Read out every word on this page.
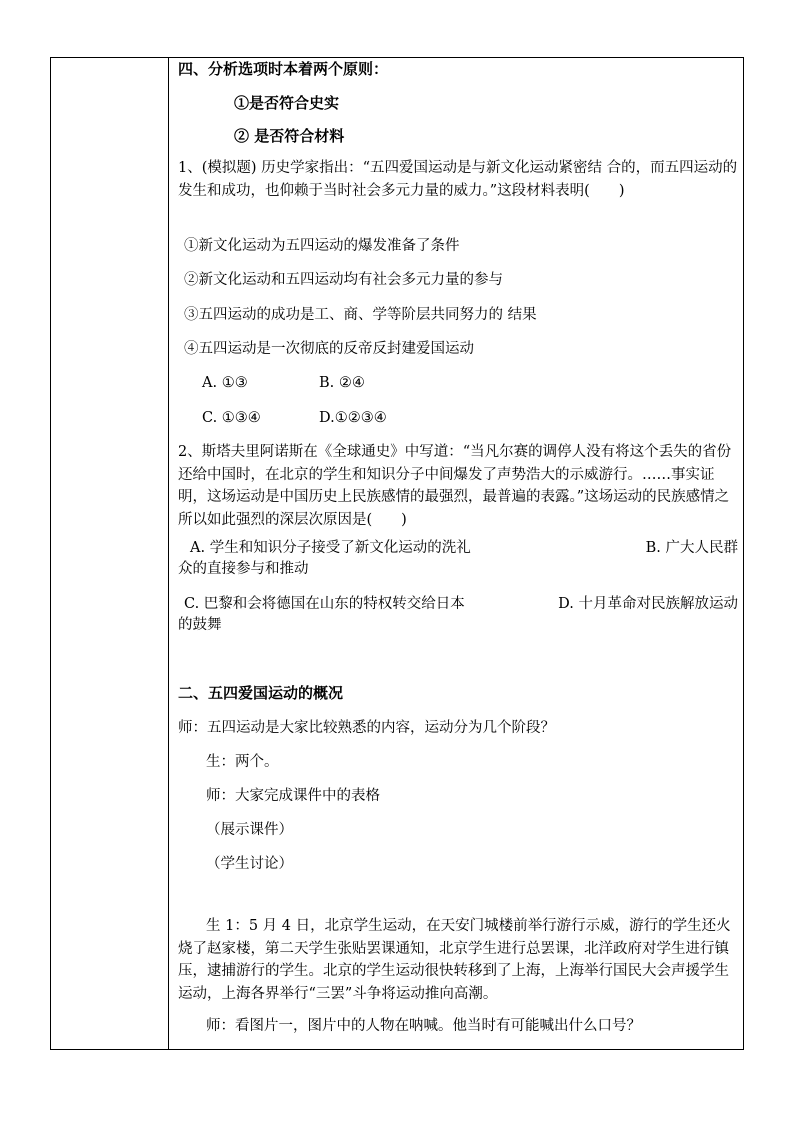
四、分析选项时本着两个原则：
①是否符合史实
② 是否符合材料
1、(模拟题) 历史学家指出：“五四爱国运动是与新文化运动紧密结 合的，而五四运动的发生和成功，也仰赖于当时社会多元力量的威力。”这段材料表明(　　)
①新文化运动为五四运动的爆发准备了条件
②新文化运动和五四运动均有社会多元力量的参与
③五四运动的成功是工、商、学等阶层共同努力的 结果
④五四运动是一次彻底的反帝反封建爱国运动
A. ①③	B. ②④
C. ①③④	D.①②③④
2、斯塔夫里阿诺斯在《全球通史》中写道：“当凡尔赛的调停人没有将这个丢失的省份还给中国时，在北京的学生和知识分子中间爆发了声势浩大的示威游行。……事实证明，这场运动是中国历史上民族感情的最强烈，最普遍的表露。”这场运动的民族感情之所以如此强烈的深层次原因是(　　)
A. 学生和知识分子接受了新文化运动的洗礼	B. 广大人民群
众的直接参与和推动
C. 巴黎和会将德国在山东的特权转交给日本	D. 十月革命对民族解放运动
的鼓舞
二、五四爱国运动的概况
师：五四运动是大家比较熟悉的内容，运动分为几个阶段？
生：两个。
师：大家完成课件中的表格
（展示课件）
（学生讨论）
生 1：5 月 4 日，北京学生运动，在天安门城楼前举行游行示威，游行的学生还火烧了赵家楼，第二天学生张贴罢课通知，北京学生进行总罢课，北洋政府对学生进行镇压，逮捕游行的学生。北京的学生运动很快转移到了上海，上海举行国民大会声援学生运动，上海各界举行“三罢”斗争将运动推向高潮。
师：看图片一，图片中的人物在呐喊。他当时有可能喊出什么口号？
